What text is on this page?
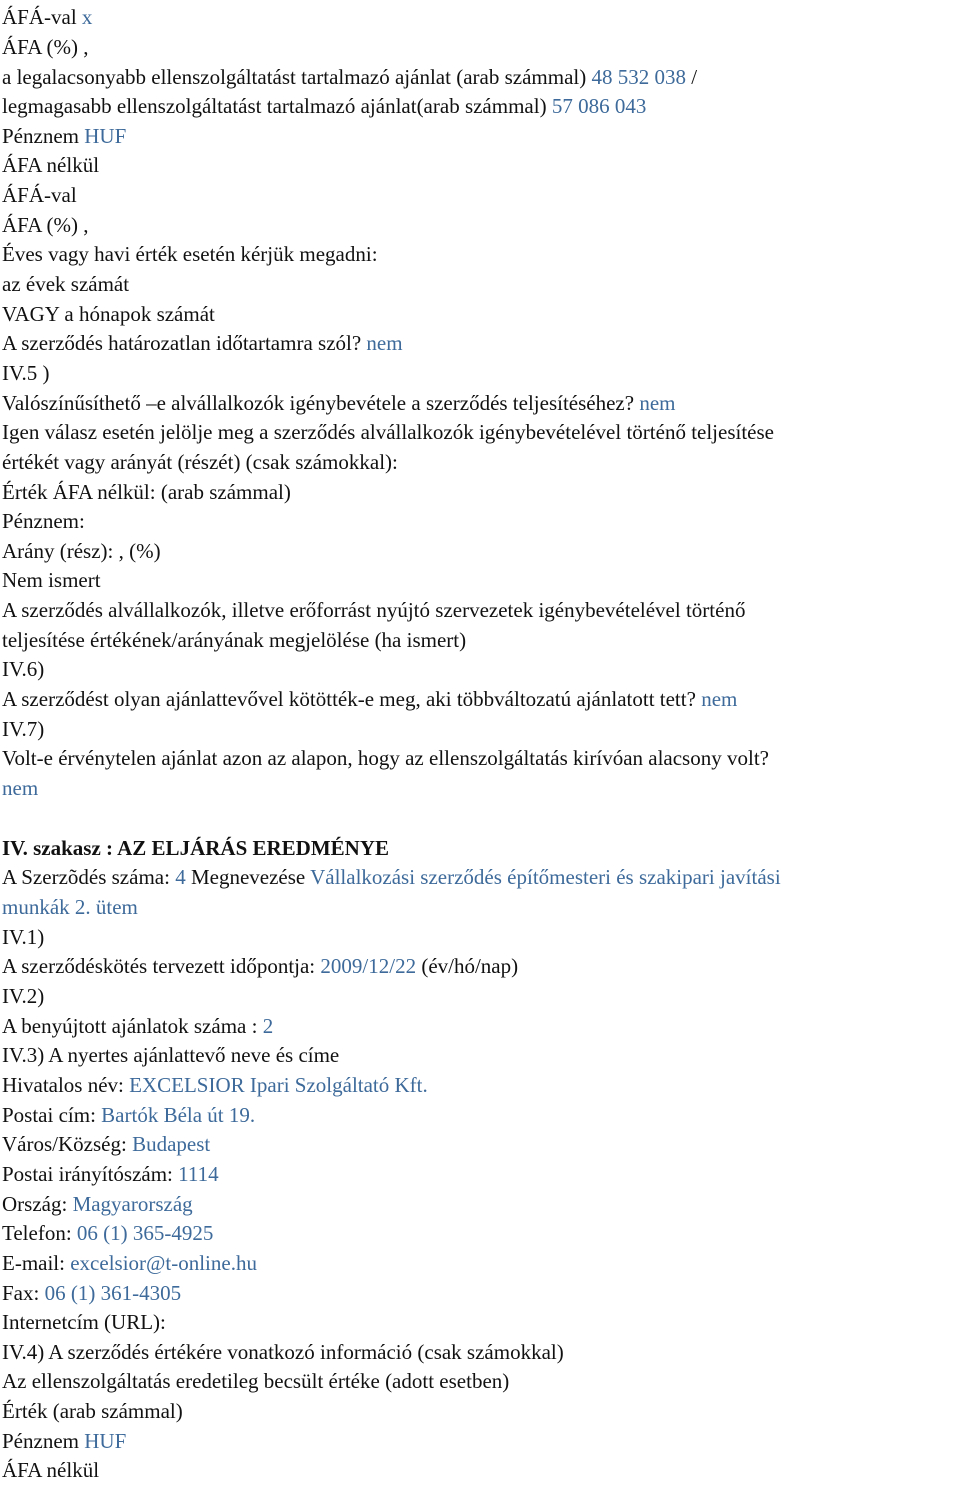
ÁFÁ-val x
ÁFA (%) ,
a legalacsonyabb ellenszolgáltatást tartalmazó ajánlat (arab számmal) 48 532 038 /
legmagasabb ellenszolgáltatást tartalmazó ajánlat(arab számmal) 57 086 043
Pénznem HUF
ÁFA nélkül
ÁFÁ-val
ÁFA (%) ,
Éves vagy havi érték esetén kérjük megadni:
az évek számát
VAGY a hónapok számát
A szerződés határozatlan időtartamra szól? nem
IV.5 )
Valószínűsíthető –e alvállalkozók igénybevétele a szerződés teljesítéséhez? nem
Igen válasz esetén jelölje meg a szerződés alvállalkozók igénybevételével történő teljesítése
értékét vagy arányát (részét) (csak számokkal):
Érték ÁFA nélkül: (arab számmal)
Pénznem:
Arány (rész): , (%)
Nem ismert
A szerződés alvállalkozók, illetve erőforrást nyújtó szervezetek igénybevételével történő
teljesítése értékének/arányának megjelölése (ha ismert)
IV.6)
A szerződést olyan ajánlattevővel kötötték-e meg, aki többváltozatú ajánlatott tett? nem
IV.7)
Volt-e érvénytelen ajánlat azon az alapon, hogy az ellenszolgáltatás kirívóan alacsony volt?
nem
IV. szakasz : AZ ELJÁRÁS EREDMÉNYE
A Szerzõdés száma: 4 Megnevezése Vállalkozási szerződés építőmesteri és szakipari javítási
munkák 2. ütem
IV.1)
A szerződéskötés tervezett időpontja: 2009/12/22 (év/hó/nap)
IV.2)
A benyújtott ajánlatok száma : 2
IV.3) A nyertes ajánlattevő neve és címe
Hivatalos név: EXCELSIOR Ipari Szolgáltató Kft.
Postai cím: Bartók Béla út 19.
Város/Község: Budapest
Postai irányítószám: 1114
Ország: Magyarország
Telefon: 06 (1) 365-4925
E-mail: excelsior@t-online.hu
Fax: 06 (1) 361-4305
Internetcím (URL):
IV.4) A szerződés értékére vonatkozó információ (csak számokkal)
Az ellenszolgáltatás eredetileg becsült értéke (adott esetben)
Érték (arab számmal)
Pénznem HUF
ÁFA nélkül
